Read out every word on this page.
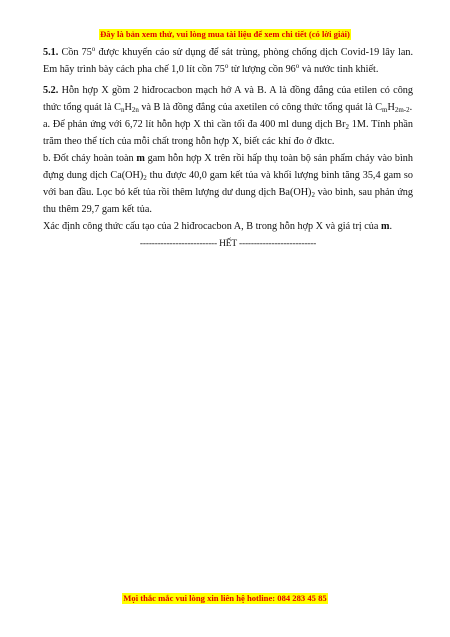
Đây là bản xem thử, vui lòng mua tài liệu để xem chi tiết (có lời giải)

5.1. Cồn 75$^o$ được khuyến cáo sử dụng để sát trùng, phòng chống dịch Covid-19 lây lan. Em hãy trình bày cách pha chế 1,0 lít cồn 75$^o$ từ lượng cồn 96$^o$ và nước tinh khiết.

5.2. Hỗn hợp X gồm 2 hiđrocacbon mạch hở A và B. A là đồng đẳng của etilen có công thức tổng quát là $C_nH_{2n}$ và B là đồng đẳng của axetilen có công thức tổng quát là $C_mH_{2m-2}$.

a. Để phản ứng với 6,72 lít hỗn hợp X thì cần tối đa 400 ml dung dịch $Br_2$ 1M. Tính phần trăm theo thể tích của mỗi chất trong hỗn hợp X, biết các khí đo ở đktc.

b. Đốt cháy hoàn toàn m gam hỗn hợp X trên rồi hấp thụ toàn bộ sản phẩm cháy vào bình đựng dung dịch $Ca(OH)_2$ thu được 40,0 gam kết tủa và khối lượng bình tăng 35,4 gam so với ban đầu. Lọc bỏ kết tủa rồi thêm lượng dư dung dịch $Ba(OH)_2$ vào bình, sau phản ứng thu thêm 29,7 gam kết tủa.

Xác định công thức cấu tạo của 2 hiđrocacbon A, B trong hỗn hợp X và giá trị của m.

-------------------------- HẾT --------------------------
Mọi thắc mắc vui lòng xin liên hệ hotline: 084 283 45 85
